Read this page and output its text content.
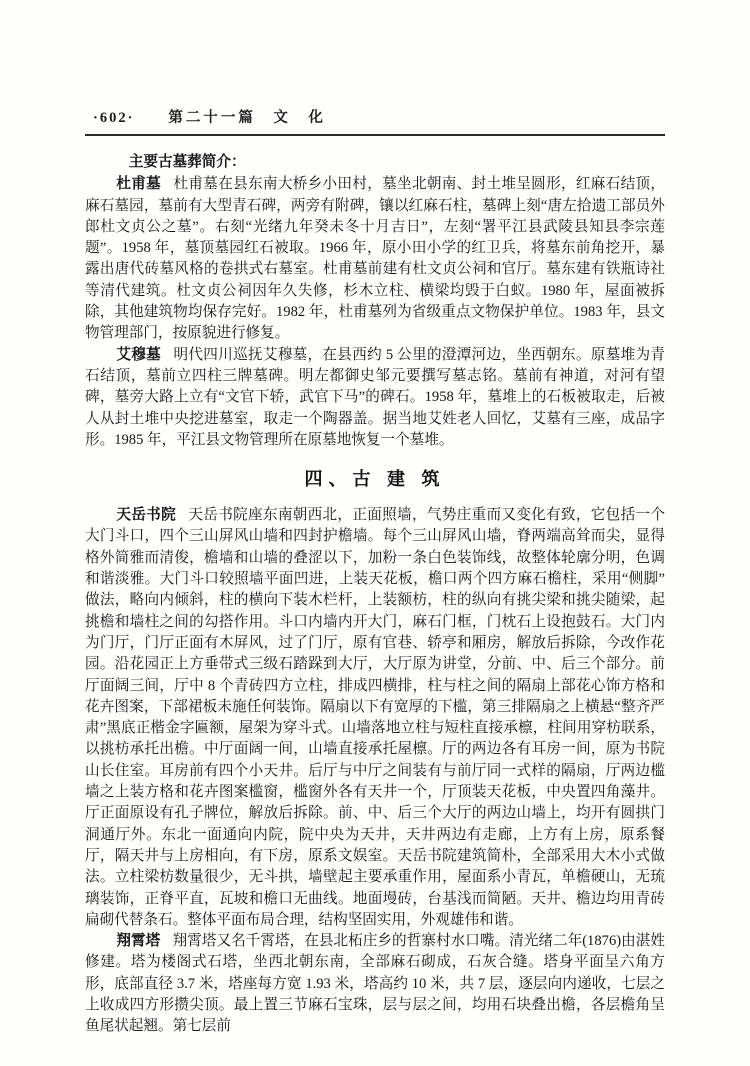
·602· 第二十一篇　文　化
主要古墓葬简介：

杜甫墓 杜甫墓在县东南大桥乡小田村，墓坐北朝南、封土堆呈圆形，红麻石结顶，麻石墓园，墓前有大型青石碑，两旁有附碑，镶以红麻石柱，墓碑上刻“唐左拾遗工部员外郎杜文贞公之墓”。右刻“光绪九年癸未冬十月吉日”，左刻“署平江县武陵县知县李宗莲题”。1958 年，墓顶墓园红石被取。1966 年，原小田小学的红卫兵，将墓东前角挖开，暴露出唐代砖墓风格的卷拱式右墓室。杜甫墓前建有杜文贞公祠和官厅。墓东建有铁瓶诗社等清代建筑。杜文贞公祠因年久失修，杉木立柱、横梁均毁于白蚁。1980 年，屋面被拆除，其他建筑物均保存完好。1982 年，杜甫墓列为省级重点文物保护单位。1983 年，县文物管理部门，按原貌进行修复。

艾穆墓 明代四川巡抚艾穆墓，在县西约 5 公里的澄潭河边，坐西朝东。原墓堆为青石结顶，墓前立四柱三牌墓碑。明左都御史邹元要撰写墓志铭。墓前有神道，对河有望碑，墓旁大路上立有“文官下轿，武官下马”的碑石。1958 年，墓堆上的石板被取走，后被人从封土堆中央挖进墓室，取走一个陶器盖。据当地艾姓老人回忆，艾墓有三座，成品字形。1985 年，平江县文物管理所在原墓地恢复一个墓堆。

四、古 建 筑

天岳书院 天岳书院座东南朝西北，正面照墙，气势庄重而又变化有致，它包括一个大门斗口，四个三山屏风山墙和四封护檐墙。每个三山屏风山墙，脊两端高耸而尖，显得格外简雅而清俊，檐墙和山墙的叠涩以下，加粉一条白色装饰线，故整体轮廓分明，色调和谐淡雅。大门斗口较照墙平面凹进，上装天花板，檐口两个四方麻石檐柱，采用“侧脚”做法，略向内倾斜，柱的横向下装木栏杆，上装额枋，柱的纵向有挑尖梁和挑尖随梁，起挑檐和墙柱之间的勾搭作用。斗口内墙内开大门，麻石门框，门枕石上设抱鼓石。大门内为门厅，门厅正面有木屏风，过了门厅，原有官巷、轿亭和厢房，解放后拆除，今改作花园。沿花园正上方垂带式三级石踏跺到大厅，大厅原为讲堂，分前、中、后三个部分。前厅面阔三间，厅中 8 个青砖四方立柱，排成四横排，柱与柱之间的隔扇上部花心饰方格和花卉图案，下部裙板未施任何装饰。隔扇以下有宽厚的下槛，第三排隔扇之上横悬“整齐严肃”黑底正楷金字匾额，屋架为穿斗式。山墙落地立柱与短柱直接承檩，柱间用穿枋联系，以挑枋承托出檐。中厅面阔一间，山墙直接承托屋檩。厅的两边各有耳房一间，原为书院山长住室。耳房前有四个小天井。后厅与中厅之间装有与前厅同一式样的隔扇，厅两边槛墙之上装方格和花卉图案槛窗，槛窗外各有天井一个，厅顶装天花板，中央置四角藻井。厅正面原设有孔子牌位，解放后拆除。前、中、后三个大厅的两边山墙上，均开有圆拱门洞通厅外。东北一面通向内院，院中央为天井，天井两边有走廊，上方有上房，原系餐厅，隔天井与上房相向，有下房，原系文娱室。天岳书院建筑简朴，全部采用大木小式做法。立柱梁枋数量很少，无斗拱，墙壁起主要承重作用，屋面系小青瓦，单檐硬山，无琉璃装饰，正脊平直，瓦坡和檐口无曲线。地面墁砖，台基浅而简陋。天井、檐边均用青砖扁砌代替条石。整体平面布局合理，结构坚固实用，外观雄伟和谐。

翔霄塔 翔霄塔又名千霄塔，在县北柘庄乡的哲寨村水口嘴。清光绪二年(1876)由湛姓修建。塔为楼阁式石塔，坐西北朝东南，全部麻石砌成，石灰合缝。塔身平面呈六角方形，底部直径 3.7 米，塔座每方宽 1.93 米，塔高约 10 米，共 7 层，逐层向内递收，七层之上收成四方形攒尖顶。最上置三节麻石宝珠，层与层之间，均用石块叠出檐，各层檐角呈鱼尾状起翘。第七层前
